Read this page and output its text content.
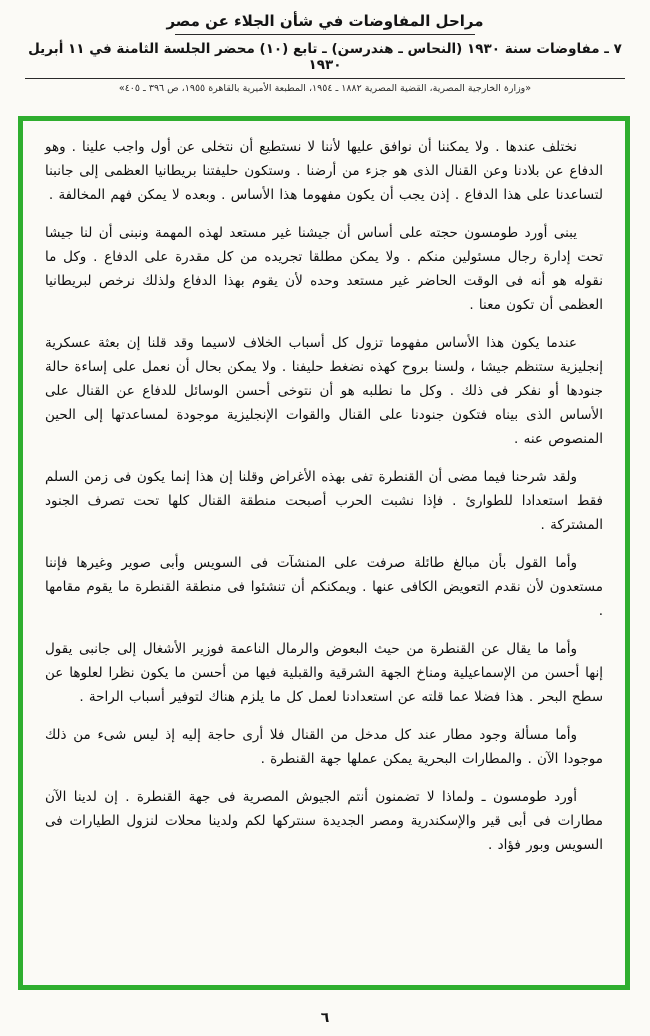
مراحل المفاوضات في شأن الجلاء عن مصر
٧ ـ مفاوضات سنة ١٩٣٠ (النحاس ـ هندرسن) ـ تابع (١٠) محضر الجلسة الثامنة في ١١ أبريل ١٩٣٠
«وزارة الخارجية المصرية، القضية المصرية ١٨٨٢ ـ ١٩٥٤، المطبعة الأميرية بالقاهرة ١٩٥٥، ص ٣٩٦ ـ ٤٠٥»

نختلف عندها . ولا يمكننا أن نوافق عليها لأننا لا نستطيع أن نتخلى عن أول واجب علينا . وهو الدفاع عن بلادنا وعن القنال الذى هو جزء من أرضنا . وستكون حليفتنا بريطانيا العظمى إلى جانبنا لتساعدنا على هذا الدفاع . إذن يجب أن يكون مفهوما هذا الأساس . وبعده لا يمكن فهم المخالفة .

يبنى أورد طومسون حجته على أساس أن جيشنا غير مستعد لهذه المهمة ونبنى أن لنا جيشا تحت إدارة رجال مسئولين منكم . ولا يمكن مطلقا تجريده من كل مقدرة على الدفاع . وكل ما نقوله هو أنه فى الوقت الحاضر غير مستعد وحده لأن يقوم بهذا الدفاع ولذلك نرخص لبريطانيا العظمى أن تكون معنا .

عندما يكون هذا الأساس مفهوما تزول كل أسباب الخلاف لاسيما وقد قلنا إن بعثة عسكرية إنجليزية ستنظم جيشا ، ولسنا بروح كهذه نضغط حليفنا . ولا يمكن بحال أن نعمل على إساءة حالة جنودها أو نفكر فى ذلك . وكل ما نطلبه هو أن نتوخى أحسن الوسائل للدفاع عن القنال على الأساس الذى بيناه فتكون جنودنا على القنال والقوات الإنجليزية موجودة لمساعدتها إلى الحين المنصوص عنه .

ولقد شرحنا فيما مضى أن القنطرة تفى بهذه الأغراض وقلنا إن هذا إنما يكون فى زمن السلم فقط استعدادا للطوارئ . فإذا نشبت الحرب أصبحت منطقة القنال كلها تحت تصرف الجنود المشتركة .

وأما القول بأن مبالغ طائلة صرفت على المنشآت فى السويس وأبى صوير وغيرها فإننا مستعدون لأن نقدم التعويض الكافى عنها . ويمكنكم أن تنشئوا فى منطقة القنطرة ما يقوم مقامها .

وأما ما يقال عن القنطرة من حيث البعوض والرمال الناعمة فوزير الأشغال إلى جانبى يقول إنها أحسن من الإسماعيلية ومناخ الجهة الشرقية والقبلية فيها من أحسن ما يكون نظرا لعلوها عن سطح البحر . هذا فضلا عما قلته عن استعدادنا لعمل كل ما يلزم هناك لتوفير أسباب الراحة .

وأما مسألة وجود مطار عند كل مدخل من القنال فلا أرى حاجة إليه إذ ليس شىء من ذلك موجودا الآن . والمطارات البحرية يمكن عملها جهة القنطرة .

أورد طومسون ـ ولماذا لا تضمنون أنتم الجيوش المصرية فى جهة القنطرة . إن لدينا الآن مطارات فى أبى قير والإسكندرية ومصر الجديدة سنتركها لكم ولدينا محلات لنزول الطيارات فى السويس وبور فؤاد .

٦
